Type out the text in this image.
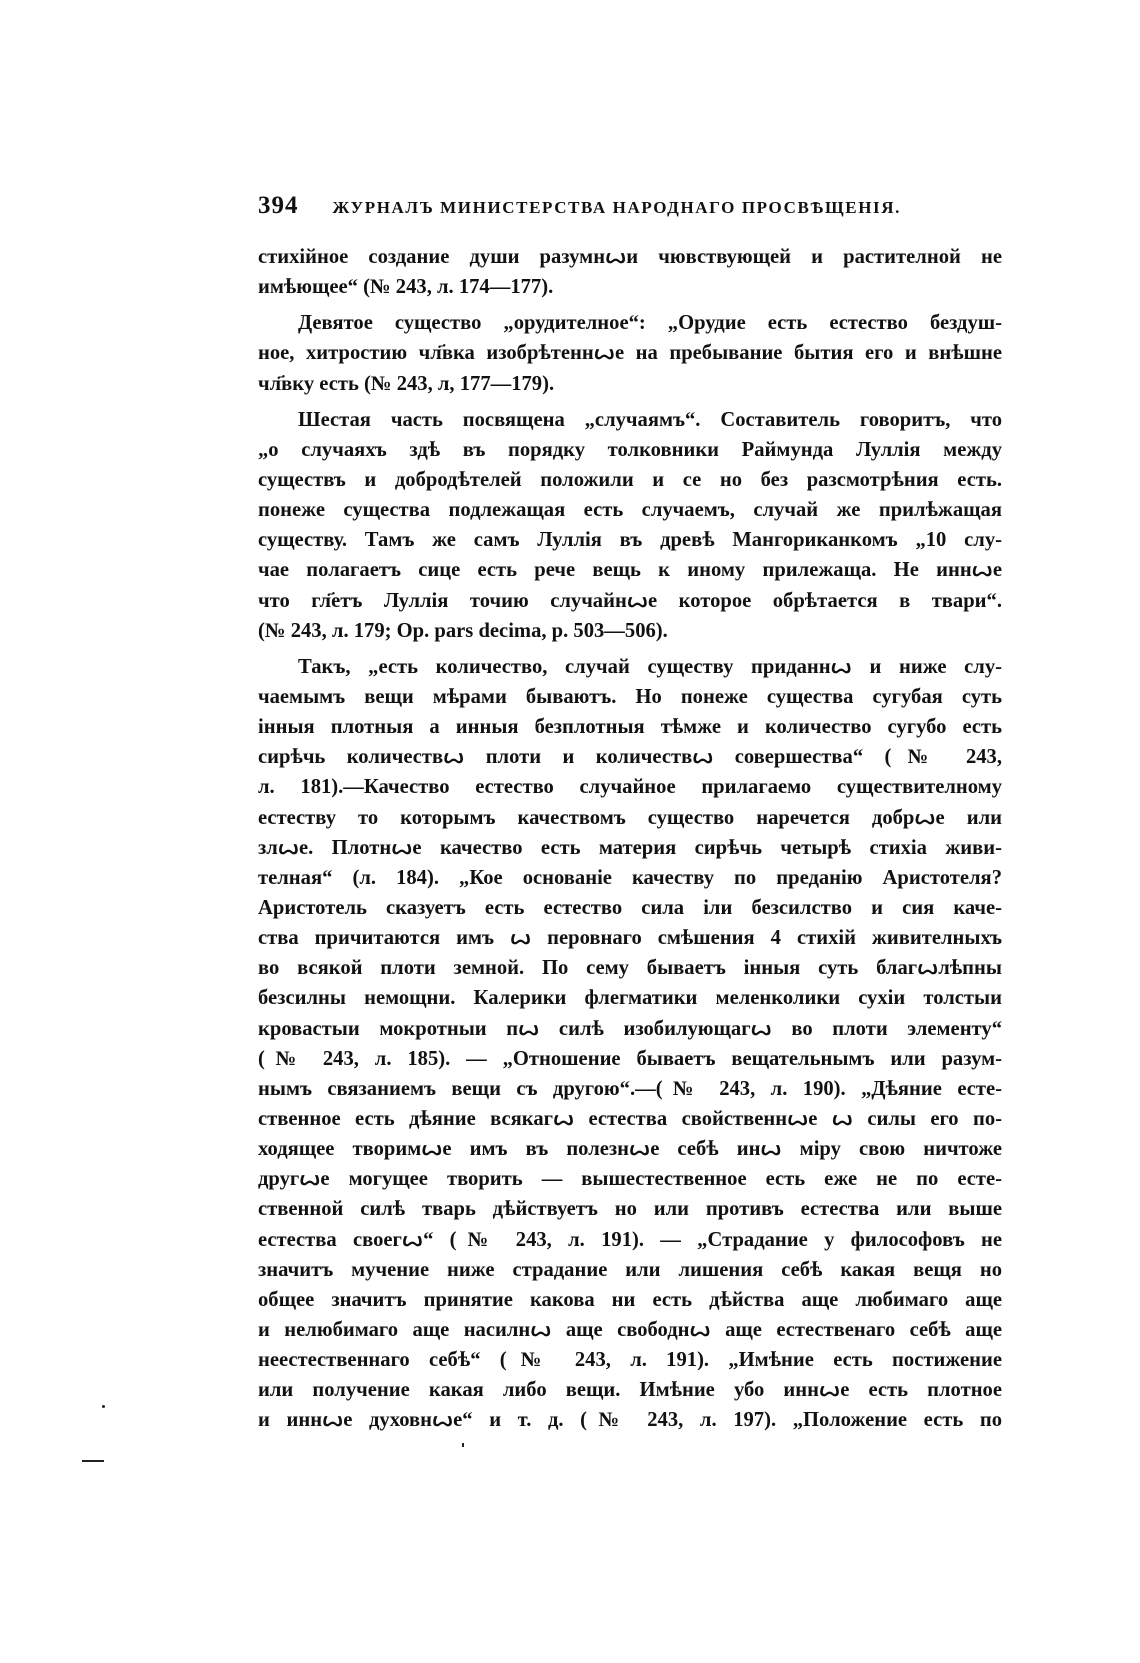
394 ЖУРНАЛЪ МИНИСТЕРСТВА НАРОДНАГО ПРОСВѢЩЕНІЯ.
стихійное создание души разумнꙍи чювствующей и растителной не
имѣющее“ (№ 243, л. 174—177).
Девятое существо „орудителное“: „Орудие есть естество бездуш-
ное, хитростию чл҃вка изобрѣтеннꙍе на пребывание бытия его и внѣшне
чл҃вку есть (№ 243, л, 177—179).
Шестая часть посвящена „случаямъ“. Составитель говоритъ, что
„о случаяхъ здѣ въ порядку толковники Раймунда Луллія между
существъ и добродѣтелей положили и се но без разсмотрѣния есть.
понеже существа подлежащая есть случаемъ, случай же прилѣжащая
существу. Тамъ же самъ Луллія въ древѣ Мангориканкомъ „10 слу-
чае полагаетъ сице есть рече вещь к иному прилежаща. Не иннꙍе
что гл҃етъ Луллія точию случайнꙍе которое обрѣтается в твари“.
(№ 243, л. 179; Op. pars decima, p. 503—506).
Такъ, „есть количество, случай существу приданнꙍ и ниже слу-
чаемымъ вещи мѣрами бываютъ. Но понеже существа сугубая суть
інныя плотныя а инныя безплотныя тѣмже и количество сугубо есть
сирѣчь количествꙍ плоти и количествꙍ совершества“ (№ 243,
л. 181).—Качество естество случайное прилагаемо существителному
естеству то которымъ качествомъ существо наречется добрꙍе или
злꙍе. Плотнꙍе качество есть материя сирѣчь четырѣ стихіа живи-
телная“ (л. 184). „Кое основаніе качеству по преданію Аристотеля?
Аристотель сказуетъ есть естество сила іли безсилство и сия каче-
ства причитаются имъ ꙍ перовнаго смѣшения 4 стихій живителныхъ
во всякой плоти земной. По сему бываетъ інныя суть благꙍлѣпны
безсилны немощни. Калерики флегматики меленколики сухіи толстыи
кровастыи мокротныи пꙍ силѣ изобилующагꙍ во плоти элементу“
(№ 243, л. 185). — „Отношение бываетъ вещательнымъ или разум-
нымъ связаниемъ вещи съ другою“.—(№ 243, л. 190). „Дѣяние есте-
ственное есть дѣяние всякагꙍ естества свойственнꙍе ꙍ силы его по-
ходящее творимꙍе имъ въ полезнꙍе себѣ инꙍ міру свою ничтоже
другꙍе могущее творить — вышестественное есть еже не по есте-
ственной силѣ тварь дѣйствуетъ но или противъ естества или выше
естества своегꙍ“ (№ 243, л. 191). — „Страдание у философовъ не
значитъ мучение ниже страдание или лишения себѣ какая вещя но
общее значитъ принятие какова ни есть дѣйства аще любимаго аще
и нелюбимаго аще насилнꙍ аще свободнꙍ аще естественаго себѣ аще
неестественнаго себѣ“ (№ 243, л. 191). „Имѣние есть постижение
или получение какая либо вещи. Имѣние убо иннꙍе есть плотное
и иннꙍе духовнꙍе“ и т. д. (№ 243, л. 197). „Положение есть по
